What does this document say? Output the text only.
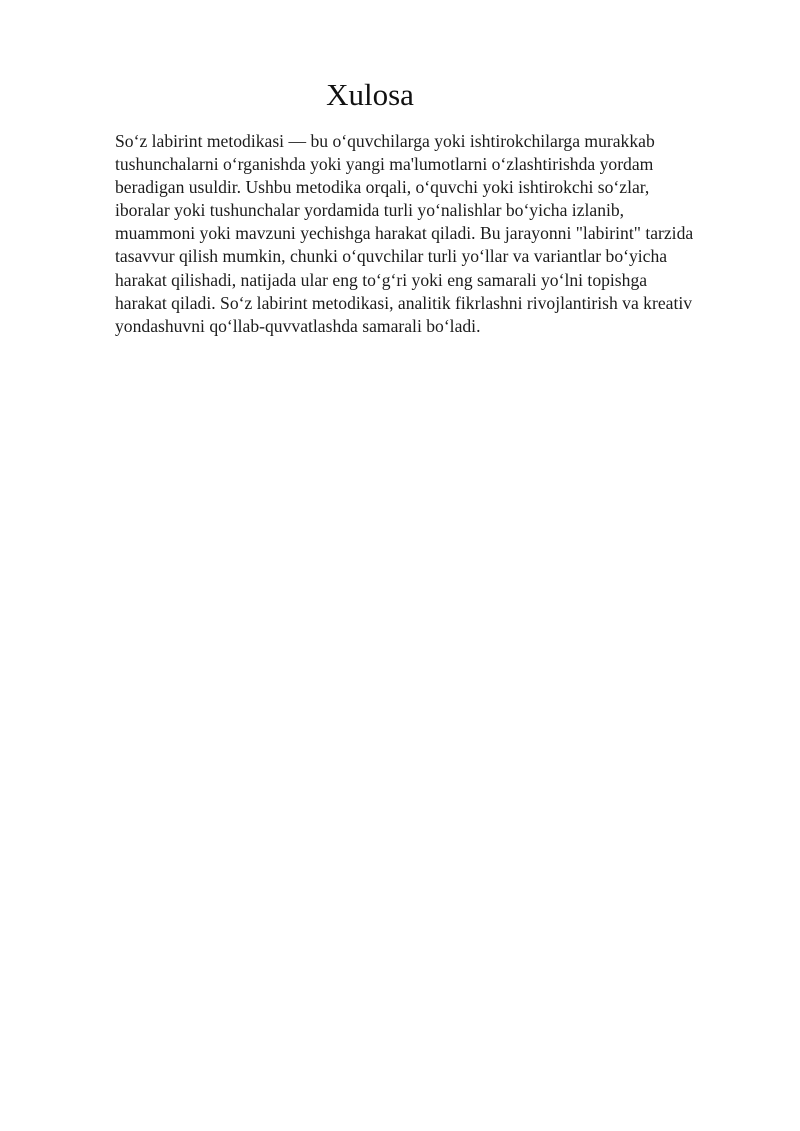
Xulosa

So‘z labirint metodikasi — bu o‘quvchilarga yoki ishtirokchilarga murakkab
tushunchalarni o‘rganishda yoki yangi ma'lumotlarni o‘zlashtirishda yordam
beradigan usuldir. Ushbu metodika orqali, o‘quvchi yoki ishtirokchi so‘zlar,
iboralar yoki tushunchalar yordamida turli yo‘nalishlar bo‘yicha izlanib,
muammoni yoki mavzuni yechishga harakat qiladi. Bu jarayonni "labirint" tarzida
tasavvur qilish mumkin, chunki o‘quvchilar turli yo‘llar va variantlar bo‘yicha
harakat qilishadi, natijada ular eng to‘g‘ri yoki eng samarali yo‘lni topishga
harakat qiladi. So‘z labirint metodikasi, analitik fikrlashni rivojlantirish va kreativ
yondashuvni qo‘llab-quvvatlashda samarali bo‘ladi.
